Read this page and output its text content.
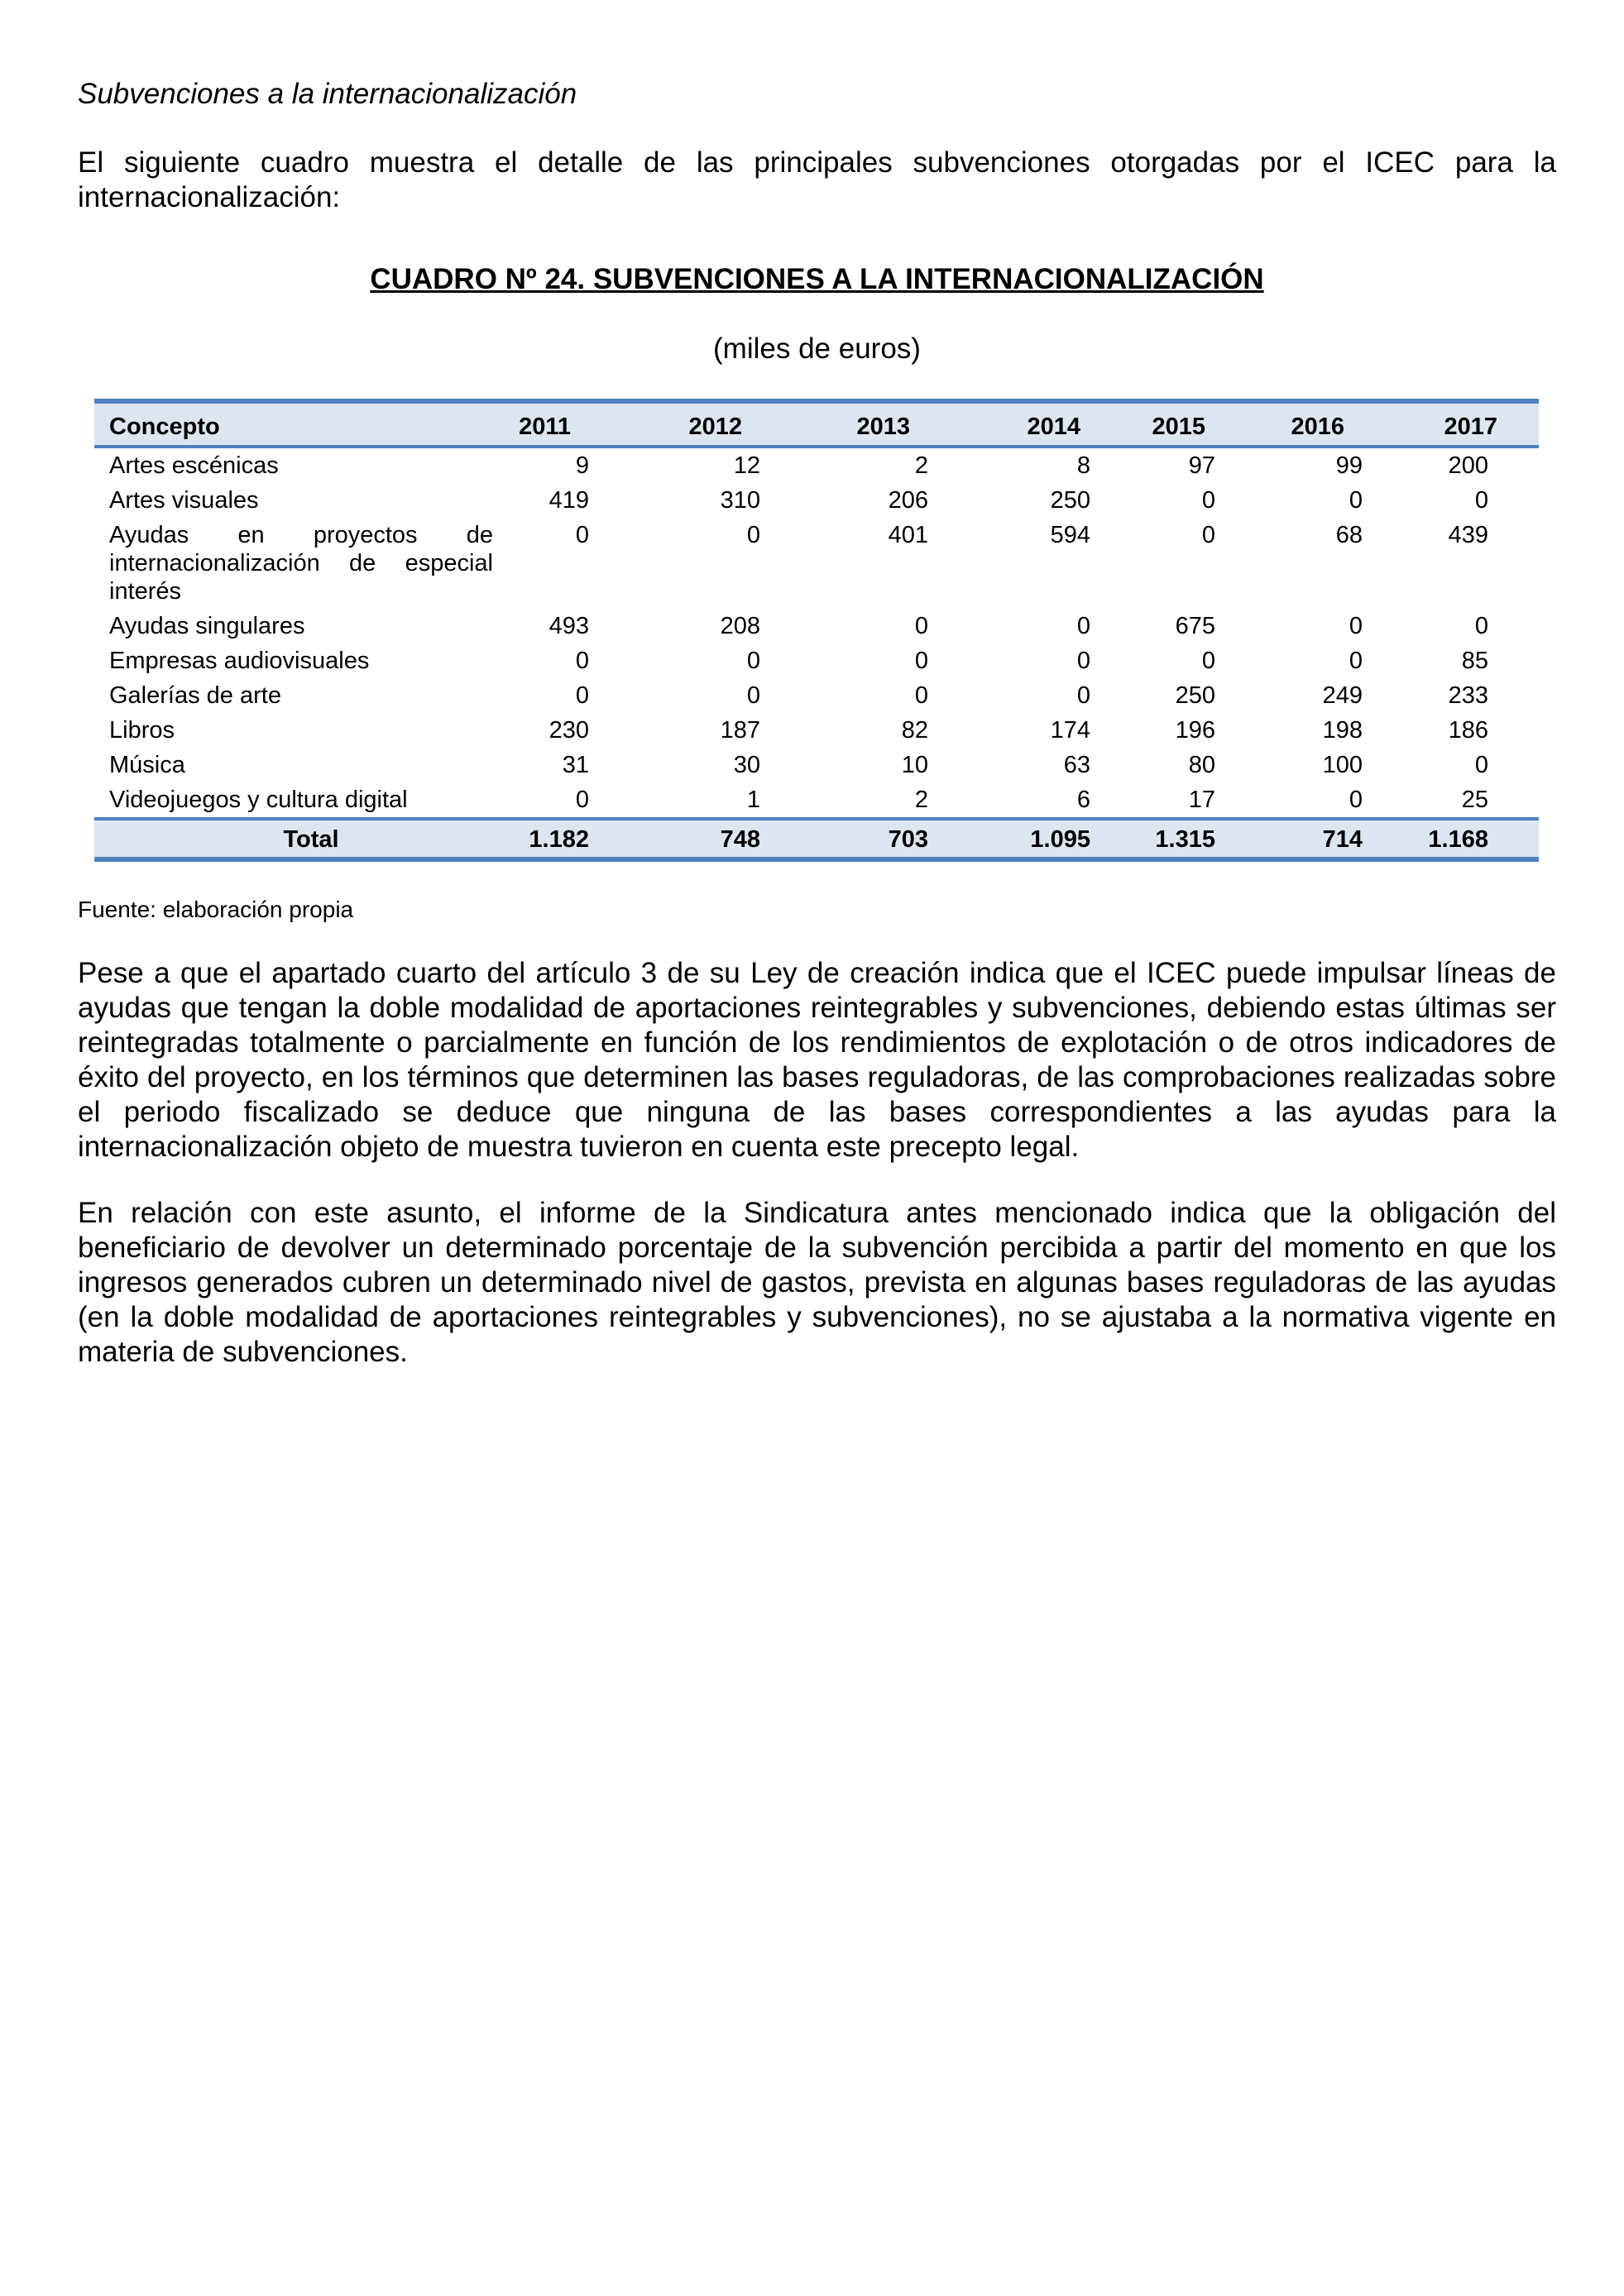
Subvenciones a la internacionalización
El siguiente cuadro muestra el detalle de las principales subvenciones otorgadas por el ICEC para la internacionalización:
CUADRO Nº 24. SUBVENCIONES A LA INTERNACIONALIZACIÓN
(miles de euros)
Concepto	2011	2012	2013	2014	2015	2016	2017
Artes escénicas	9	12	2	8	97	99	200
Artes visuales	419	310	206	250	0	0	0
Ayudas en proyectos de internacionalización de especial interés	0	0	401	594	0	68	439
Ayudas singulares	493	208	0	0	675	0	0
Empresas audiovisuales	0	0	0	0	0	0	85
Galerías de arte	0	0	0	0	250	249	233
Libros	230	187	82	174	196	198	186
Música	31	30	10	63	80	100	0
Videojuegos y cultura digital	0	1	2	6	17	0	25
Total	1.182	748	703	1.095	1.315	714	1.168
Fuente: elaboración propia
Pese a que el apartado cuarto del artículo 3 de su Ley de creación indica que el ICEC puede impulsar líneas de ayudas que tengan la doble modalidad de aportaciones reintegrables y subvenciones, debiendo estas últimas ser reintegradas totalmente o parcialmente en función de los rendimientos de explotación o de otros indicadores de éxito del proyecto, en los términos que determinen las bases reguladoras, de las comprobaciones realizadas sobre el periodo fiscalizado se deduce que ninguna de las bases correspondientes a las ayudas para la internacionalización objeto de muestra tuvieron en cuenta este precepto legal.
En relación con este asunto, el informe de la Sindicatura antes mencionado indica que la obligación del beneficiario de devolver un determinado porcentaje de la subvención percibida a partir del momento en que los ingresos generados cubren un determinado nivel de gastos, prevista en algunas bases reguladoras de las ayudas (en la doble modalidad de aportaciones reintegrables y subvenciones), no se ajustaba a la normativa vigente en materia de subvenciones.
